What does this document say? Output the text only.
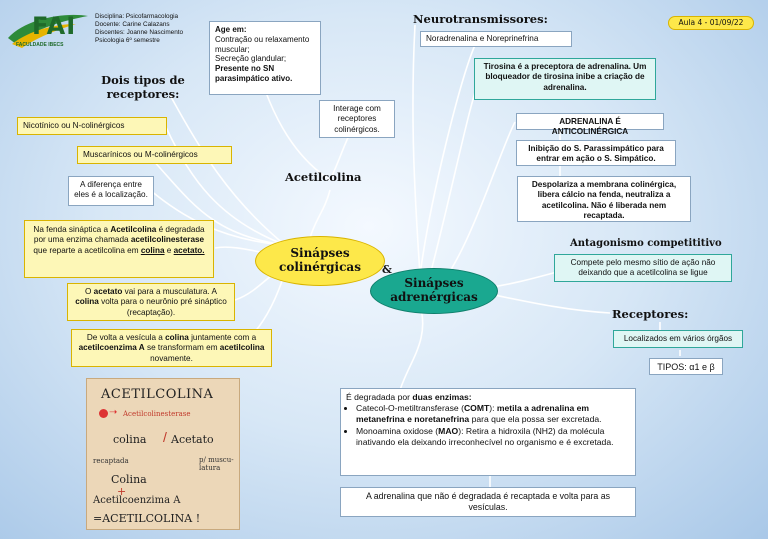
FAI
FACULDADE IBECS
Disciplina: Psicofarmacologia
Docente: Carine Calazans
Discentes: Joanne Nascimento
Psicologia 6º semestre
Aula 4 - 01/09/22
Dois tipos de receptores:
Nicotínico ou N-colinérgicos
Muscarínicos ou M-colinérgicos
A diferença entre eles é a localização.
Na fenda sináptica a Acetilcolina é degradada por uma enzima chamada acetilcolinesterase que reparte a acetilcolina em colina e acetato.
O acetato vai para a musculatura. A colina volta para o neurônio pré sináptico (recaptação).
De volta a vesícula a colina juntamente com a acetilcoenzima A se transformam em acetilcolina novamente.
Age em:
Contração ou relaxamento muscular;
Secreção glandular;
Presente no SN parasimpático ativo.
Interage com receptores colinérgicos.
Acetilcolina
Sinápses colinérgicas	&
Sinápses adrenérgicas
ACETILCOLINA
➝ Acetilcolinesterase
colina / Acetato
recaptada	p/ muscu- latura
Colina
+
Acetilcoenzima A
=ACETILCOLINA !
Neurotransmissores:
Noradrenalina e Noreprinefrina
Tirosina é a preceptora de adrenalina. Um bloqueador de tirosina inibe a criação de adrenalina.
ADRENALINA É ANTICOLINÉRGICA
Inibição do S. Parassimpático para entrar em ação o S. Simpático.
Despolariza a membrana colinérgica, libera cálcio na fenda, neutraliza a acetilcolina. Não é liberada nem recaptada.
Antagonismo competititivo
Compete pelo mesmo sítio de ação não deixando que a acetilcolina se ligue
Receptores:
Localizados em vários órgãos
TIPOS: α1 e β
É degradada por duas enzimas:
• Catecol-O-metiltransferase (COMT): metila a adrenalina em metanefrina e noretanefrina para que ela possa ser excretada.
• Monoamina oxidose (MAO): Retira a hidroxila (NH2) da molécula inativando ela deixando irreconhecível no organismo e é excretada.
A adrenalina que não é degradada é recaptada e volta para as vesículas.
